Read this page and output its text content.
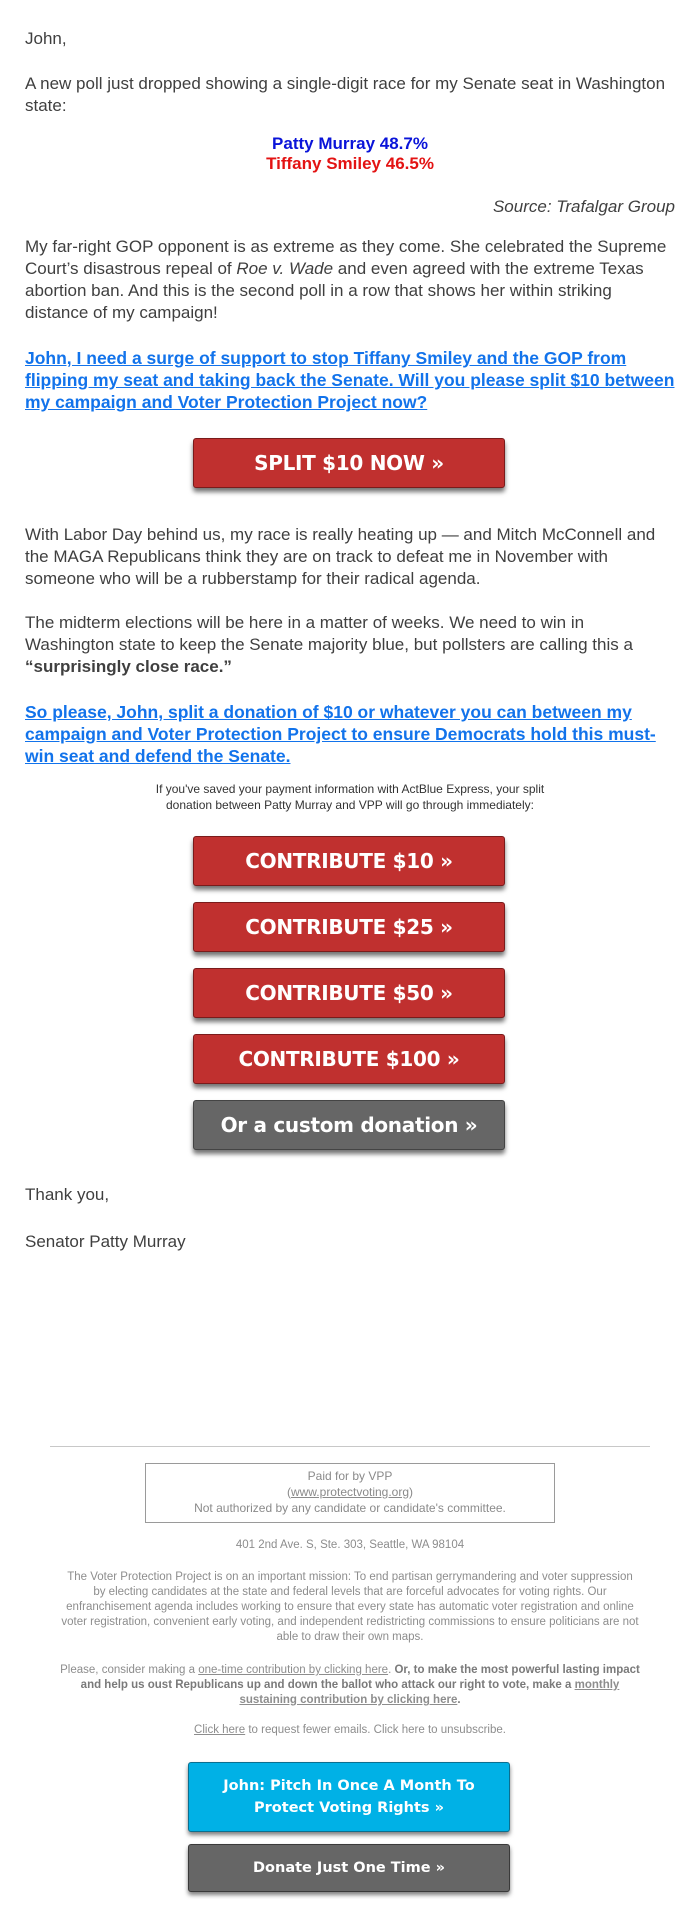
John,

A new poll just dropped showing a single-digit race for my Senate seat in Washington state:

Patty Murray 48.7%
Tiffany Smiley 46.5%
Source: Trafalgar Group

My far-right GOP opponent is as extreme as they come. She celebrated the Supreme Court’s disastrous repeal of Roe v. Wade and even agreed with the extreme Texas abortion ban. And this is the second poll in a row that shows her within striking distance of my campaign!

John, I need a surge of support to stop Tiffany Smiley and the GOP from flipping my seat and taking back the Senate. Will you please split $10 between my campaign and Voter Protection Project now?
SPLIT $10 NOW »

With Labor Day behind us, my race is really heating up — and Mitch McConnell and the MAGA Republicans think they are on track to defeat me in November with someone who will be a rubberstamp for their radical agenda.

The midterm elections will be here in a matter of weeks. We need to win in Washington state to keep the Senate majority blue, but pollsters are calling this a “surprisingly close race.”

So please, John, split a donation of $10 or whatever you can between my campaign and Voter Protection Project to ensure Democrats hold this must-win seat and defend the Senate.
If you've saved your payment information with ActBlue Express, your split donation between Patty Murray and VPP will go through immediately:
CONTRIBUTE $10 »
CONTRIBUTE $25 »
CONTRIBUTE $50 »
CONTRIBUTE $100 »
Or a custom donation »
Thank you,
Senator Patty Murray
Paid for by VPP
(www.protectvoting.org)
Not authorized by any candidate or candidate's committee.
401 2nd Ave. S, Ste. 303, Seattle, WA 98104
The Voter Protection Project is on an important mission: To end partisan gerrymandering and voter suppression by electing candidates at the state and federal levels that are forceful advocates for voting rights. Our enfranchisement agenda includes working to ensure that every state has automatic voter registration and online voter registration, convenient early voting, and independent redistricting commissions to ensure politicians are not able to draw their own maps.
Please, consider making a one-time contribution by clicking here. Or, to make the most powerful lasting impact and help us oust Republicans up and down the ballot who attack our right to vote, make a monthly sustaining contribution by clicking here.
Click here to request fewer emails. Click here to unsubscribe.
John: Pitch In Once A Month To Protect Voting Rights »
Donate Just One Time »
